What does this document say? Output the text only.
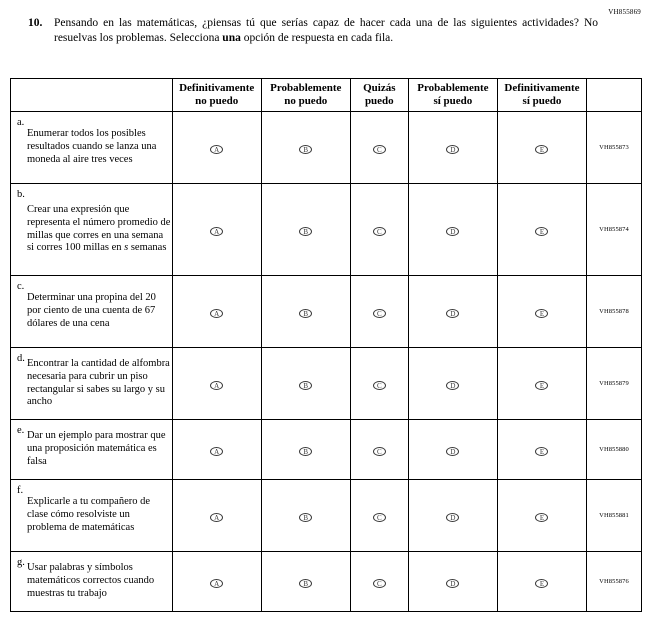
VH855869
10. Pensando en las matemáticas, ¿piensas tú que serías capaz de hacer cada una de las siguientes actividades? No resuelvas los problemas. Selecciona una opción de respuesta en cada fila.
	Definitivamente
no puedo	Probablemente
no puedo	Quizás
puedo	Probablemente
sí puedo	Definitivamente
sí puedo	

a.
Enumerar todos los posibles resultados cuando se lanza una moneda al aire tres veces	A	B	C	D	E	VH855873

b.
Crear una expresión que representa el número promedio de millas que corres en una semana si corres 100 millas en s semanas	A	B	C	D	E	VH855874

c.
Determinar una propina del 20 por ciento de una cuenta de 67 dólares de una cena	A	B	C	D	E	VH855878

d. Encontrar la cantidad de alfombra necesaria para cubrir un piso rectangular si sabes su largo y su ancho	A	B	C	D	E	VH855879

e. Dar un ejemplo para mostrar que una proposición matemática es falsa	A	B	C	D	E	VH855880

f.
Explicarle a tu compañero de clase cómo resolviste un problema de matemáticas	A	B	C	D	E	VH855881

g. Usar palabras y símbolos matemáticos correctos cuando muestras tu trabajo	A	B	C	D	E	VH855876
